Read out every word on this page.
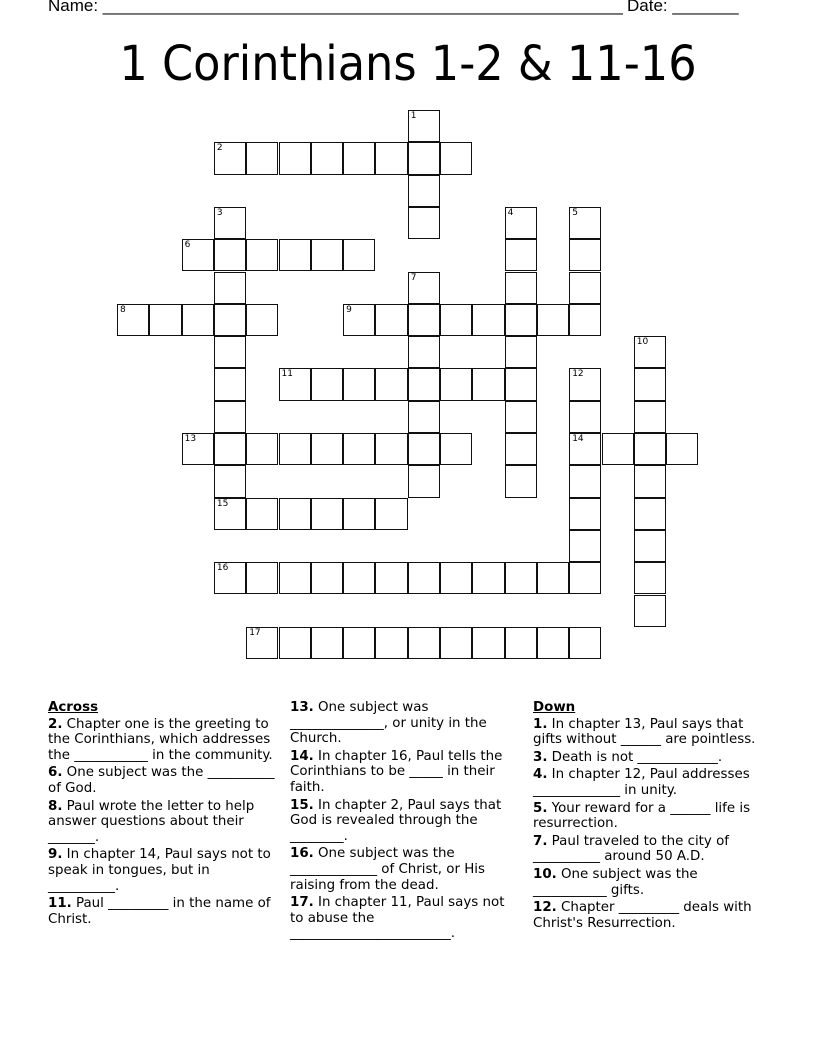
Name: _______________________________________________________ Date: _______
1 Corinthians 1-2 & 11-16
1
2
3
15
4	5
6
7
8	9
10
11	12
14
13
16
17
Across
2. Chapter one is the greeting to the Corinthians, which addresses the ___________ in the community.
6. One subject was the __________ of God.
8. Paul wrote the letter to help answer questions about their _______.
9. In chapter 14, Paul says not to speak in tongues, but in __________.
11. Paul _________ in the name of Christ.
13. One subject was ______________, or unity in the Church.
14. In chapter 16, Paul tells the Corinthians to be _____ in their faith.
15. In chapter 2, Paul says that God is revealed through the ________.
16. One subject was the _____________ of Christ, or His raising from the dead.
17. In chapter 11, Paul says not to abuse the ________________________.
Down
1. In chapter 13, Paul says that gifts without ______ are pointless.
3. Death is not ____________.
4. In chapter 12, Paul addresses _____________ in unity.
5. Your reward for a ______ life is resurrection.
7. Paul traveled to the city of __________ around 50 A.D.
10. One subject was the ___________ gifts.
12. Chapter _________ deals with Christ's Resurrection.
